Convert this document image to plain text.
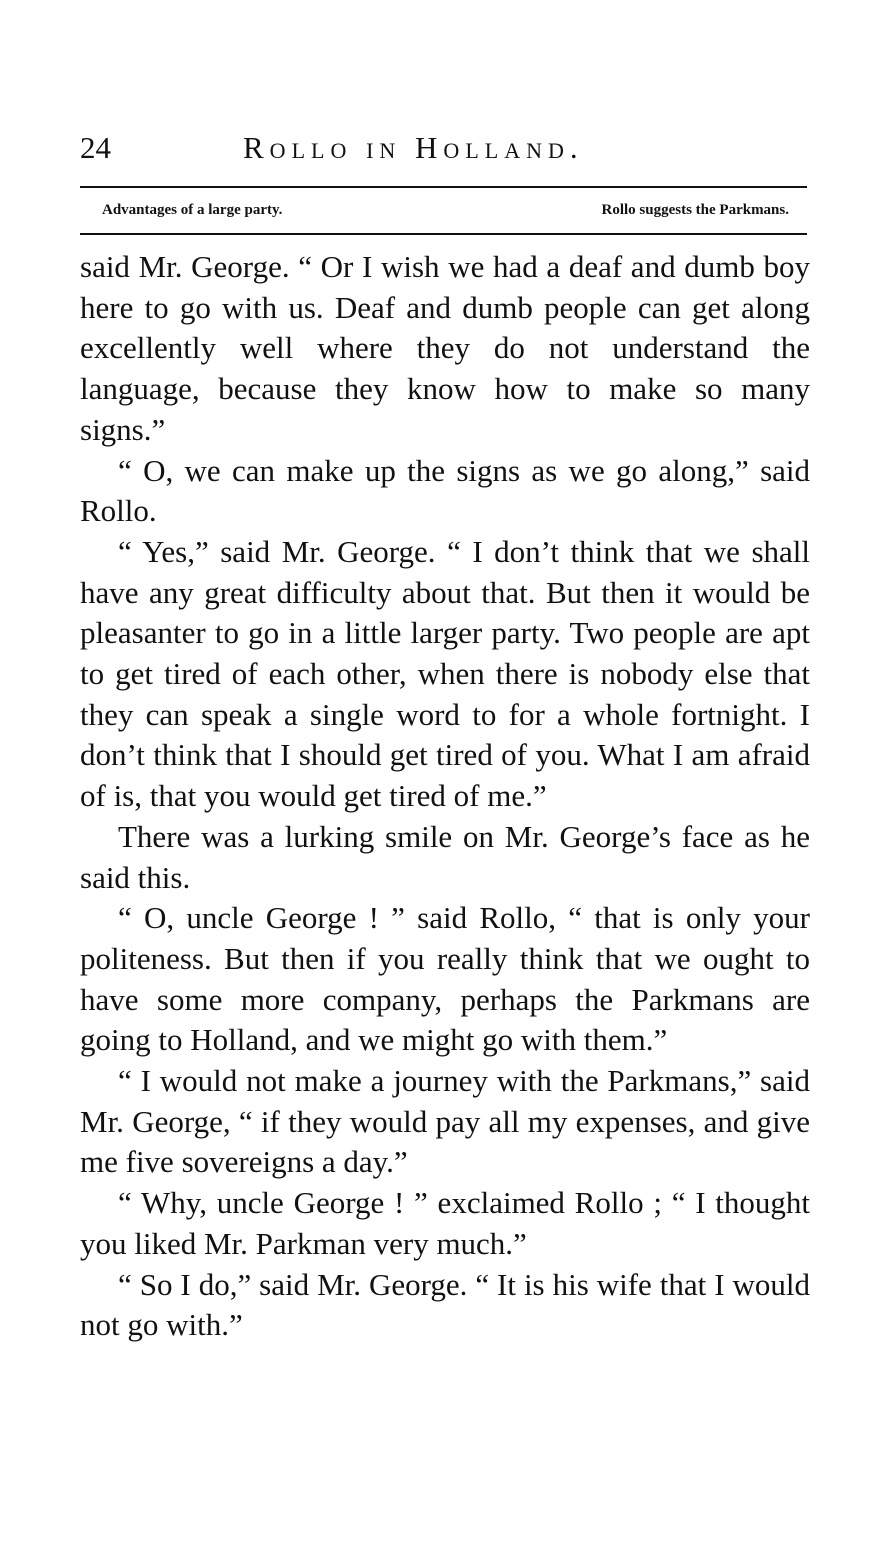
24	Rollo in Holland.
Advantages of a large party.	Rollo suggests the Parkmans.

said Mr. George. “ Or I wish we had a deaf and dumb boy here to go with us. Deaf and dumb people can get along excellently well where they do not understand the language, because they know how to make so many signs.”

“ O, we can make up the signs as we go along,” said Rollo.

“ Yes,” said Mr. George. “ I don’t think that we shall have any great difficulty about that. But then it would be pleasanter to go in a little larger party. Two people are apt to get tired of each other, when there is nobody else that they can speak a single word to for a whole fortnight. I don’t think that I should get tired of you. What I am afraid of is, that you would get tired of me.”

There was a lurking smile on Mr. George’s face as he said this.

“ O, uncle George ! ” said Rollo, “ that is only your politeness. But then if you really think that we ought to have some more company, perhaps the Parkmans are going to Holland, and we might go with them.”

“ I would not make a journey with the Parkmans,” said Mr. George, “ if they would pay all my expenses, and give me five sovereigns a day.”

“ Why, uncle George ! ” exclaimed Rollo ; “ I thought you liked Mr. Parkman very much.”

“ So I do,” said Mr. George. “ It is his wife that I would not go with.”
